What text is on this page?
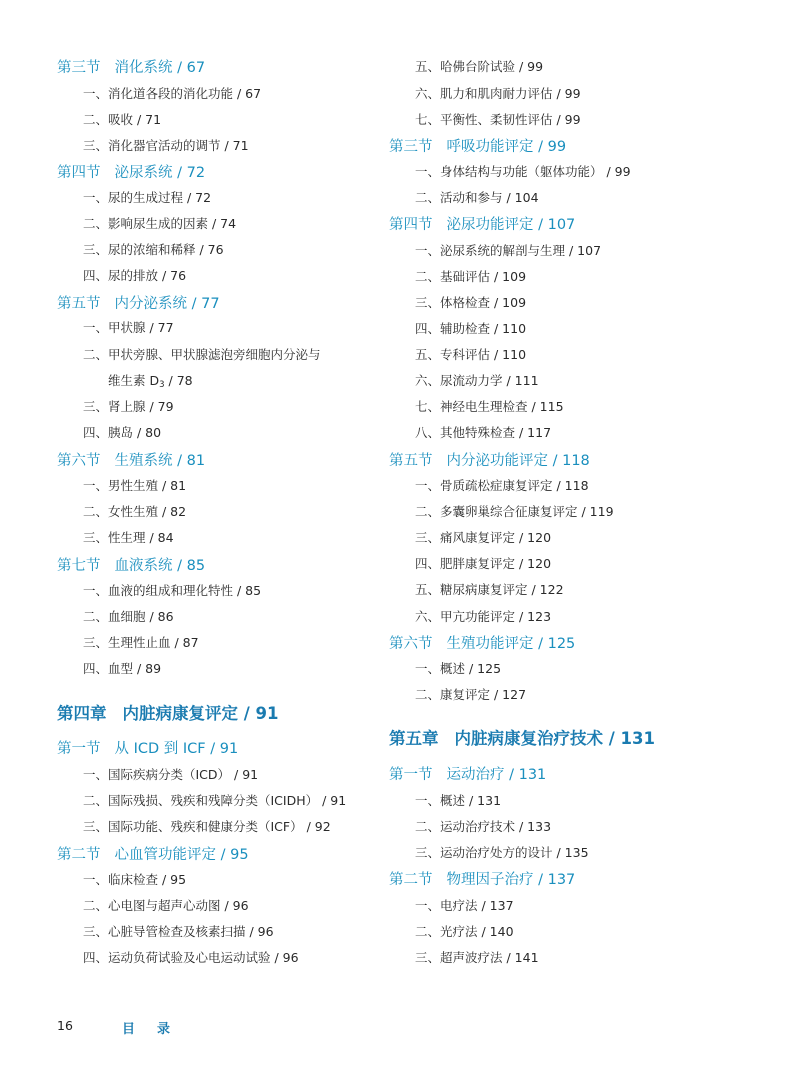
第三节 消化系统 / 67
一、消化道各段的消化功能 / 67
二、吸收 / 71
三、消化器官活动的调节 / 71
第四节 泌尿系统 / 72
一、尿的生成过程 / 72
二、影响尿生成的因素 / 74
三、尿的浓缩和稀释 / 76
四、尿的排放 / 76
第五节 内分泌系统 / 77
一、甲状腺 / 77
二、甲状旁腺、甲状腺滤泡旁细胞内分泌与
维生素 $D_3 / 78$
三、肾上腺 / 79
四、胰岛 / 80
第六节 生殖系统 / 81
一、男性生殖 / 81
二、女性生殖 / 82
三、性生理 / 84
第七节 血液系统 / 85
一、血液的组成和理化特性 / 85
二、血细胞 / 86
三、生理性止血 / 87
四、血型 / 89
第四章 内脏病康复评定 / 91
第一节 从 ICD 到 ICF / 91
一、国际疾病分类（ICD） / 91
二、国际残损、残疾和残障分类（ICIDH） / 91
三、国际功能、残疾和健康分类（ICF） / 92
第二节 心血管功能评定 / 95
一、临床检查 / 95
二、心电图与超声心动图 / 96
三、心脏导管检查及核素扫描 / 96
四、运动负荷试验及心电运动试验 / 96
五、哈佛台阶试验 / 99
六、肌力和肌肉耐力评估 / 99
七、平衡性、柔韧性评估 / 99
第三节 呼吸功能评定 / 99
一、身体结构与功能（躯体功能） / 99
二、活动和参与 / 104
第四节 泌尿功能评定 / 107
一、泌尿系统的解剖与生理 / 107
二、基础评估 / 109
三、体格检查 / 109
四、辅助检查 / 110
五、专科评估 / 110
六、尿流动力学 / 111
七、神经电生理检查 / 115
八、其他特殊检查 / 117
第五节 内分泌功能评定 / 118
一、骨质疏松症康复评定 / 118
二、多囊卵巢综合征康复评定 / 119
三、痛风康复评定 / 120
四、肥胖康复评定 / 120
五、糖尿病康复评定 / 122
六、甲亢功能评定 / 123
第六节 生殖功能评定 / 125
一、概述 / 125
二、康复评定 / 127
第五章 内脏病康复治疗技术 / 131
第一节 运动治疗 / 131
一、概述 / 131
二、运动治疗技术 / 133
三、运动治疗处方的设计 / 135
第二节 物理因子治疗 / 137
一、电疗法 / 137
二、光疗法 / 140
三、超声波疗法 / 141
16	目录
